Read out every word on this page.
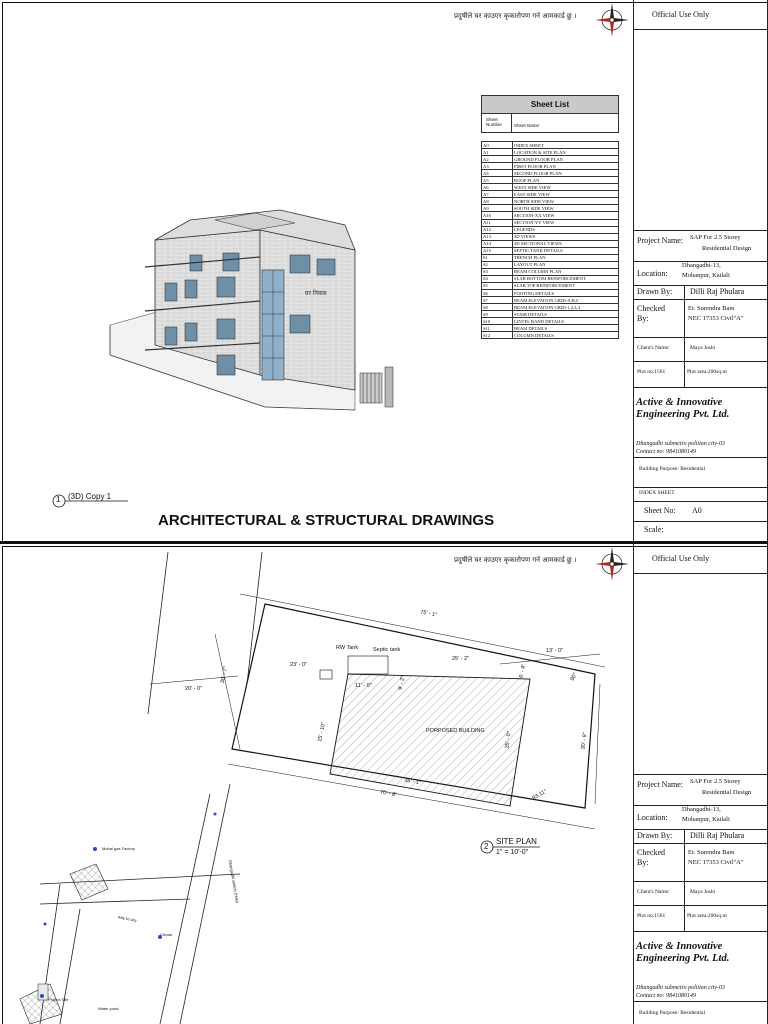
प्रदुषीले घर काउएर कृकारोपण गर्न आमकार्ड छु ।
घर निवास
Sheet List
Sheet Number	Sheet Name
A0	INDEX SHEET
A1	LOCATION & SITE PLAN
A2	GROUND FLOOR PLAN
A3	FIRST FLOOR PLAN
A4	SECOND FLOOR PLAN
A5	ROOF PLAN
A6	WEST SIDE VIEW
A7	EAST SIDE VIEW
A8	NORTH SIDE VIEW
A9	SOUTH SIDE VIEW
A10	SECTION-XX VIEW
A11	SECTION-YY VIEW
A12	LEGENDS
A13	3D VIEWS
A14	3D SECTIONAL VIEWS
A15	SEPTIC TANK DETAILS
S1	TRENCH PLAN
S2	LAYOUT PLAN
S3	BEAM COLUMN PLAN
S4	SLAB BOTTOM REINFORCEMENT
S5	SLAB TOP REINFORCEMENT
S6	FOOTING DETAILS
S7	BEAM ELEVATION GRID-A,B,C
S8	BEAM ELEVATION GRID-1,2,3,4
S9	STAIR DETAILS
S10	LINTEL BAND DETAILS
S11	BEAM DETAILS
S12	COLUMN DETAILS
1 (3D) Copy 1
ARCHITECTURAL & STRUCTURAL DRAWINGS
Official Use Only
Project Name: SAP For 2.5 Storey
Residential Design
Location:
Dhangadhi-13,
Mohanpur, Kailali
Drawn By: Dilli Raj Phulara
Checked
By:
Er. Surendra Bam
NEC 17353 Civil"A"
Client's Name:	Maya Joshi
Plot no:1561	Plot area:200sq.m
Active & Innovative
Engineering Pvt. Ltd.
Dhangadhi submetro politian city-03
Contact no: 9841080149
Building Purpose: Residential
INDEX SHEET
Sheet No: A0
Scale:
प्रदुषीले घर काउएर कृकारोपण गर्न आमकार्ड छु ।
2
SITE PLAN
1" = 10'-0"
PORPOSED BUILDING
RW Tank	Septic tank
75' - 1"
13' - 0"
23' - 0"
25' - 2"
20' - 0"
30' - 7"
11' - 0"	9' - 2"
6' - 4"
15' - 10"	35' - 0"
35' - 1"
70' - 8"
30' - 9"
93.11°
90°
Mohal gas Factory
Dhangadhi station (Hwy)
way to city
Chowk
Project Site
Water pond
Official Use Only
Project Name: SAP For 2.5 Storey
Residential Design
Location:
Dhangadhi-13,
Mohanpur, Kailali
Drawn By: Dilli Raj Phulara
Checked
By:
Er. Surendra Bam
NEC 17353 Civil"A"
Client's Name:	Maya Joshi
Plot no:1561	Plot area:200sq.m
Active & Innovative
Engineering Pvt. Ltd.
Dhangadhi submetro politian city-03
Contact no: 9841080149
Building Purpose: Residential
